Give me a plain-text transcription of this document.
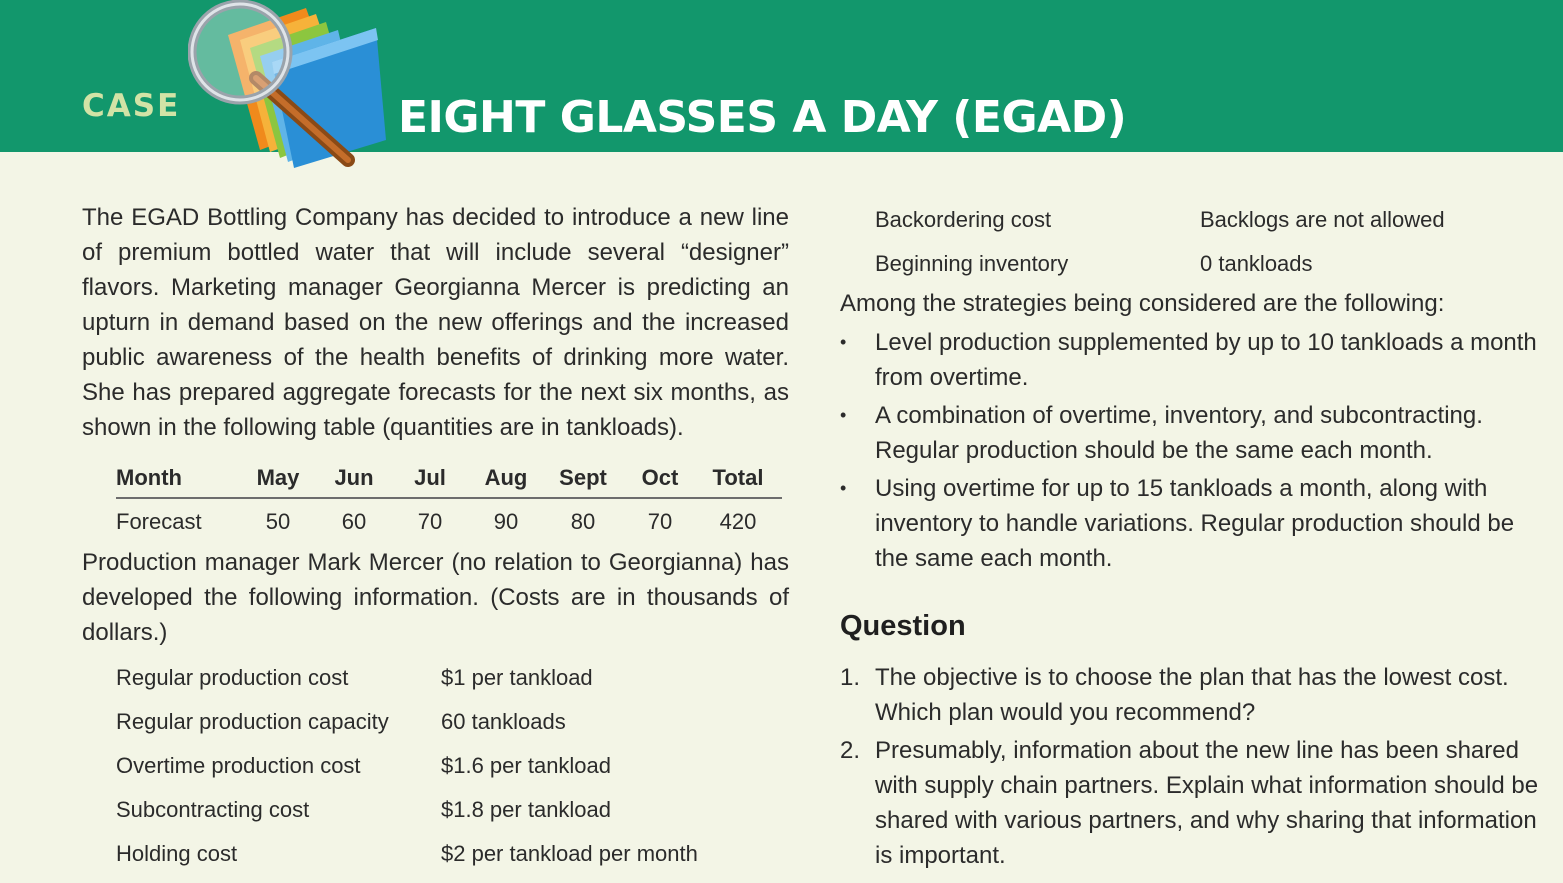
CASE	EIGHT GLASSES A DAY (EGAD)

The EGAD Bottling Company has decided to introduce a new line of premium bottled water that will include several “designer” flavors. Marketing manager Georgianna Mercer is predicting an upturn in demand based on the new offerings and the increased public awareness of the health benefits of drinking more water. She has prepared aggregate forecasts for the next six months, as shown in the following table (quantities are in tankloads).

Month	May	Jun	Jul	Aug	Sept	Oct	Total
Forecast	50	60	70	90	80	70	420

Production manager Mark Mercer (no relation to Georgianna) has developed the following information. (Costs are in thousands of dollars.)

Regular production cost	$1 per tankload
Regular production capacity	60 tankloads
Overtime production cost	$1.6 per tankload
Subcontracting cost	$1.8 per tankload
Holding cost	$2 per tankload per month
Backordering cost	Backlogs are not allowed
Beginning inventory	0 tankloads

Among the strategies being considered are the following:

• Level production supplemented by up to 10 tankloads a month from overtime.
• A combination of overtime, inventory, and subcontracting. Regular production should be the same each month.
• Using overtime for up to 15 tankloads a month, along with inventory to handle variations. Regular production should be the same each month.
Question
1. The objective is to choose the plan that has the lowest cost. Which plan would you recommend?
2. Presumably, information about the new line has been shared with supply chain partners. Explain what information should be shared with various partners, and why sharing that information is important.
